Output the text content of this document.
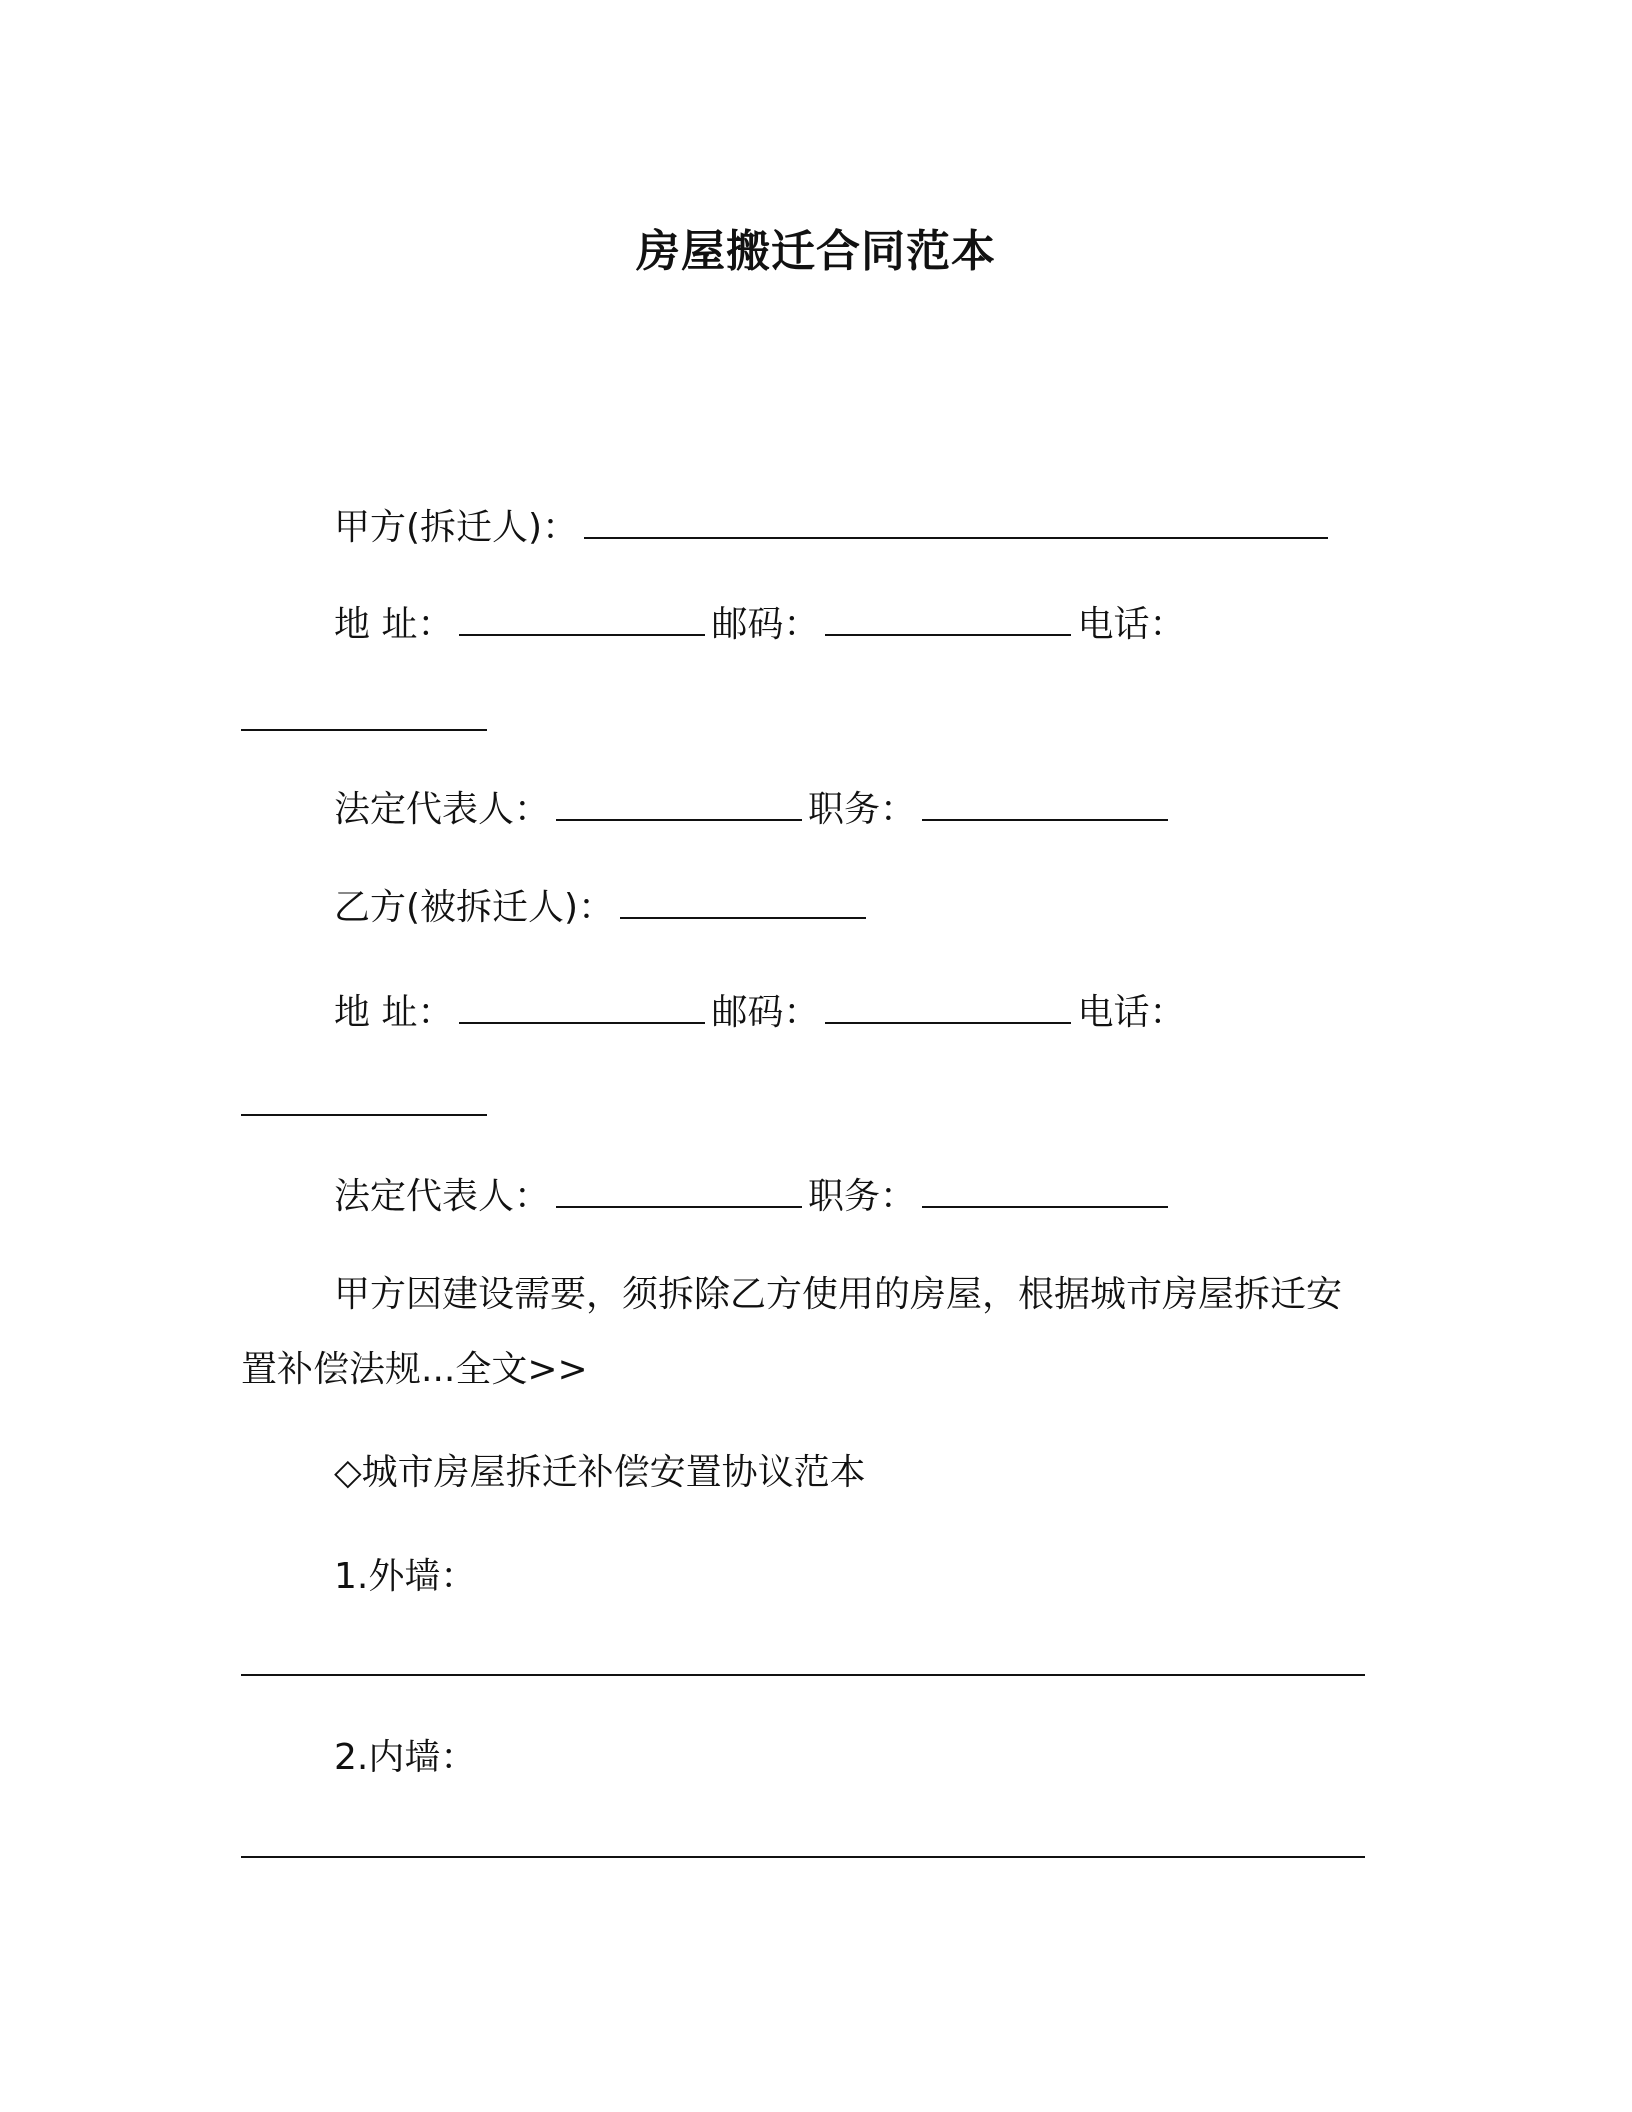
房屋搬迁合同范本
甲方(拆迁人)：
地 址：	邮码：	电话：
法定代表人：	职务：
乙方(被拆迁人)：
地 址：	邮码：	电话：
法定代表人：	职务：
甲方因建设需要，须拆除乙方使用的房屋，根据城市房屋拆迁安
置补偿法规...全文>>
◇城市房屋拆迁补偿安置协议范本
1.外墙：
2.内墙：
